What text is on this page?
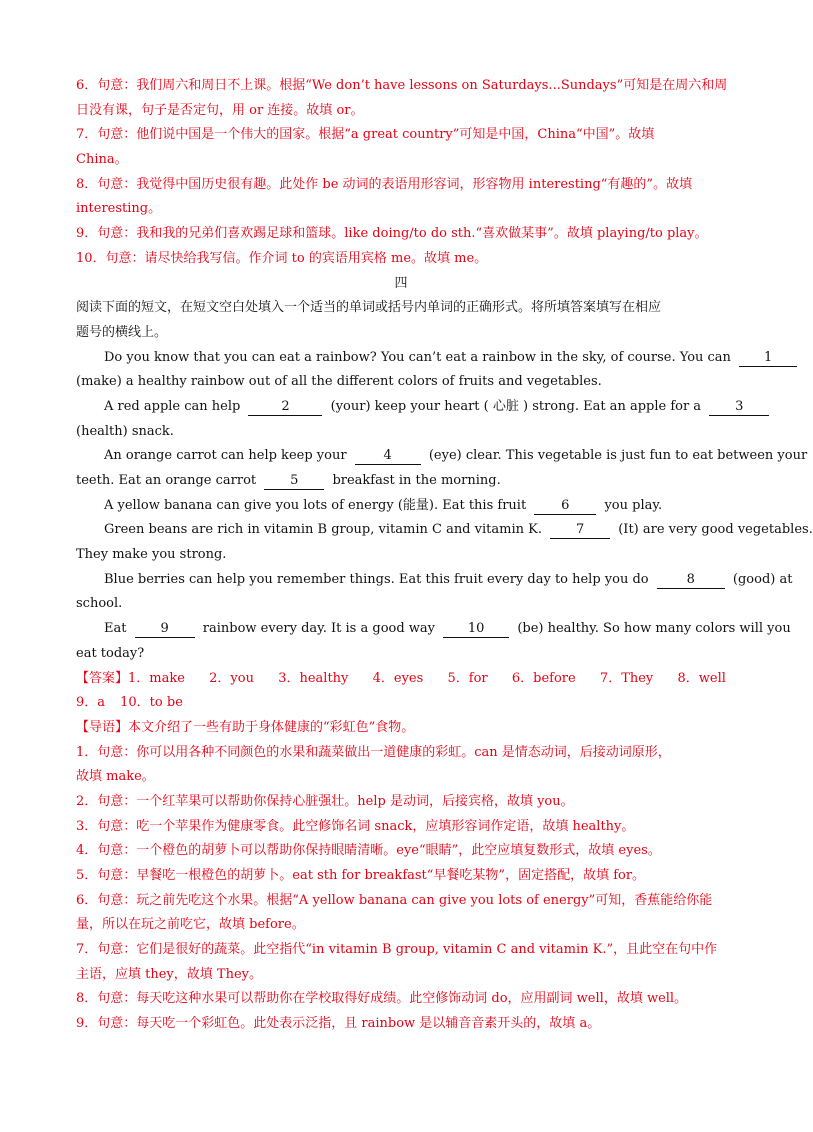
6．句意：我们周六和周日不上课。根据“We don’t have lessons on Saturdays...Sundays”可知是在周六和周
日没有课，句子是否定句，用 or 连接。故填 or。
7．句意：他们说中国是一个伟大的国家。根据“a great country”可知是中国，China“中国”。故填
China。
8．句意：我觉得中国历史很有趣。此处作 be 动词的表语用形容词，形容物用 interesting“有趣的”。故填
interesting。
9．句意：我和我的兄弟们喜欢踢足球和篮球。like doing/to do sth.“喜欢做某事”。故填 playing/to play。
10．句意：请尽快给我写信。作介词 to 的宾语用宾格 me。故填 me。
四
阅读下面的短文，在短文空白处填入一个适当的单词或括号内单词的正确形式。将所填答案填写在相应
题号的横线上。
Do you know that you can eat a rainbow? You can’t eat a rainbow in the sky, of course. You can	1
(make) a healthy rainbow out of all the different colors of fruits and vegetables.
A red apple can help	2	(your) keep your heart ( 心脏 ) strong. Eat an apple for a	3
(health) snack.
An orange carrot can help keep your	4	(eye) clear. This vegetable is just fun to eat between your
teeth. Eat an orange carrot	5	breakfast in the morning.
A yellow banana can give you lots of energy (能量). Eat this fruit	6	you play.
Green beans are rich in vitamin B group, vitamin C and vitamin K.	7	(It) are very good vegetables.
They make you strong.
Blue berries can help you remember things. Eat this fruit every day to help you do	8	(good) at
school.
Eat	9	rainbow every day. It is a good way	10	(be) healthy. So how many colors will you
eat today?
【答案】1．make 2．you 3．healthy 4．eyes 5．for 6．before 7．They 8．well
9．a 10．to be
【导语】本文介绍了一些有助于身体健康的“彩虹色”食物。
1．句意：你可以用各种不同颜色的水果和蔬菜做出一道健康的彩虹。can 是情态动词，后接动词原形，
故填 make。
2．句意：一个红苹果可以帮助你保持心脏强壮。help 是动词，后接宾格，故填 you。
3．句意：吃一个苹果作为健康零食。此空修饰名词 snack，应填形容词作定语，故填 healthy。
4．句意：一个橙色的胡萝卜可以帮助你保持眼睛清晰。eye“眼睛”，此空应填复数形式，故填 eyes。
5．句意：早餐吃一根橙色的胡萝卜。eat sth for breakfast“早餐吃某物”，固定搭配，故填 for。
6．句意：玩之前先吃这个水果。根据“A yellow banana can give you lots of energy”可知，香蕉能给你能
量，所以在玩之前吃它，故填 before。
7．句意：它们是很好的蔬菜。此空指代“in vitamin B group, vitamin C and vitamin K.”，且此空在句中作
主语，应填 they，故填 They。
8．句意：每天吃这种水果可以帮助你在学校取得好成绩。此空修饰动词 do，应用副词 well，故填 well。
9．句意：每天吃一个彩虹色。此处表示泛指，且 rainbow 是以辅音音素开头的，故填 a。
